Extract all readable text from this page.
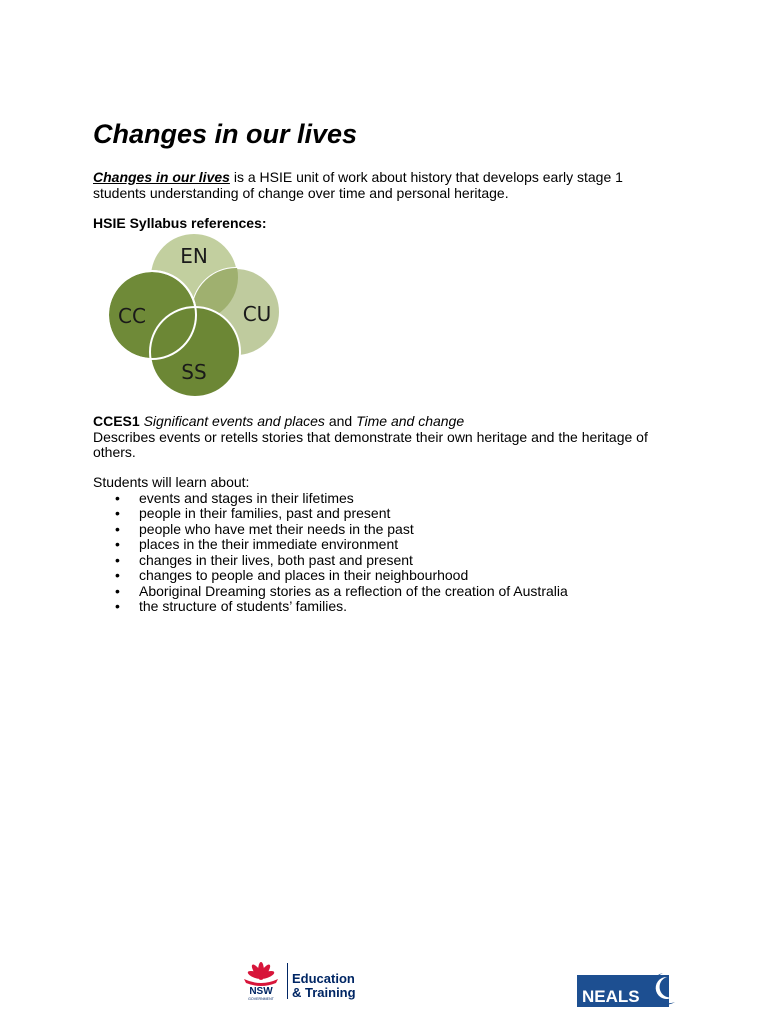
Changes in our lives
Changes in our lives is a HSIE unit of work about history that develops early stage 1
students understanding of change over time and personal heritage.
HSIE Syllabus references:
EN
CU
CC
SS
CCES1 Significant events and places and Time and change
Describes events or retells stories that demonstrate their own heritage and the heritage of others.
Students will learn about:
• events and stages in their lifetimes
• people in their families, past and present
• people who have met their needs in the past
• places in the their immediate environment
• changes in their lives, both past and present
• changes to people and places in their neighbourhood
• Aboriginal Dreaming stories as a reflection of the creation of Australia
• the structure of students’ families.
NSW
GOVERNMENT
Education
& Training	NEALS
